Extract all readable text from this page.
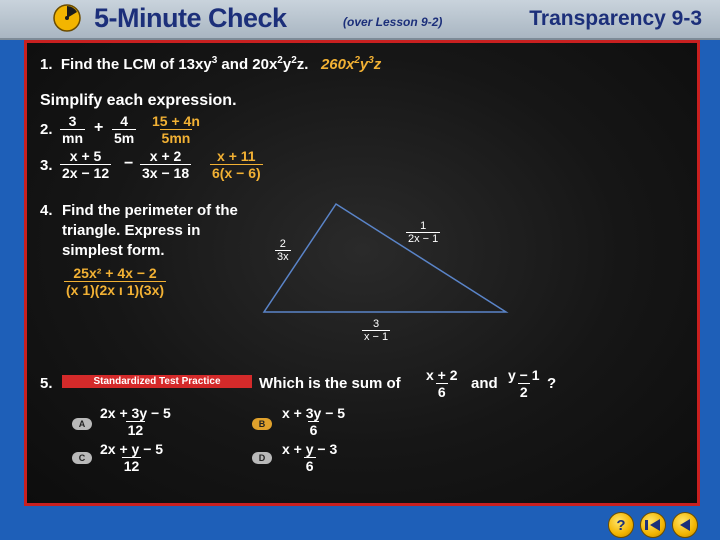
5-Minute Check	(over Lesson 9-2)	Transparency 9-3
1. Find the LCM of $13xy^3$ and $20x^2y^2z$. $260x^2y^3z$
Simplify each expression.
2. $\frac{3}{mn} + \frac{4}{5m} \frac{15 + 4n}{5mn}$
3. $\frac{x + 5}{2x - 12} - \frac{x + 2}{3x - 18} \frac{x + 11}{6(x - 6)}$
4. Find the perimeter of the
triangle. Express in
simplest form.
$\frac{\text{25x² + 4x − 2}}{\text{(x 1)(2x ı 1)(3x)}}$
$\frac{2}{3x}$
$\frac{1}{2x - 1}$
$\frac{3}{x - 1}$
5.	Standardized Test Practice	Which is the sum of $\frac{x + 2}{6}$ and $\frac{y - 1}{2}$ ?
A $\frac{2x + 3y - 5}{12}$	B	$\frac{x + 3y - 5}{6}$
C $\frac{2x + y - 5}{12}$	D	$\frac{x + y - 3}{6}$
?
